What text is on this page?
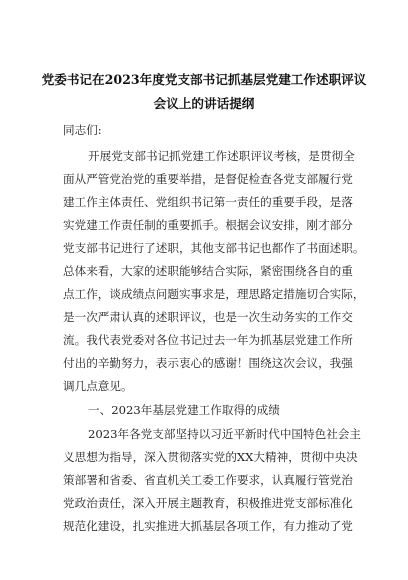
党委书记在2023年度党支部书记抓基层党建工作述职评议
会议上的讲话提纲
同志们:
开展党支部书记抓党建工作述职评议考核，是贯彻全
面从严管党治党的重要举措，是督促检查各党支部履行党
建工作主体责任、党组织书记第一责任的重要手段，是落
实党建工作责任制的重要抓手。根据会议安排，刚才部分
党支部书记进行了述职，其他支部书记也都作了书面述职。
总体来看，大家的述职能够结合实际，紧密围绕各自的重
点工作，谈成绩点问题实事求是，理思路定措施切合实际，
是一次严肃认真的述职评议，也是一次生动务实的工作交
流。我代表党委对各位书记过去一年为抓基层党建工作所
付出的辛勤努力，表示衷心的感谢！围绕这次会议，我强
调几点意见。
一、2023年基层党建工作取得的成绩
2023年各党支部坚持以习近平新时代中国特色社会主
义思想为指导，深入贯彻落实党的XX大精神，贯彻中央决
策部署和省委、省直机关工委工作要求，认真履行管党治
党政治责任，深入开展主题教育，积极推进党支部标准化
规范化建设，扎实推进大抓基层各项工作，有力推动了党
